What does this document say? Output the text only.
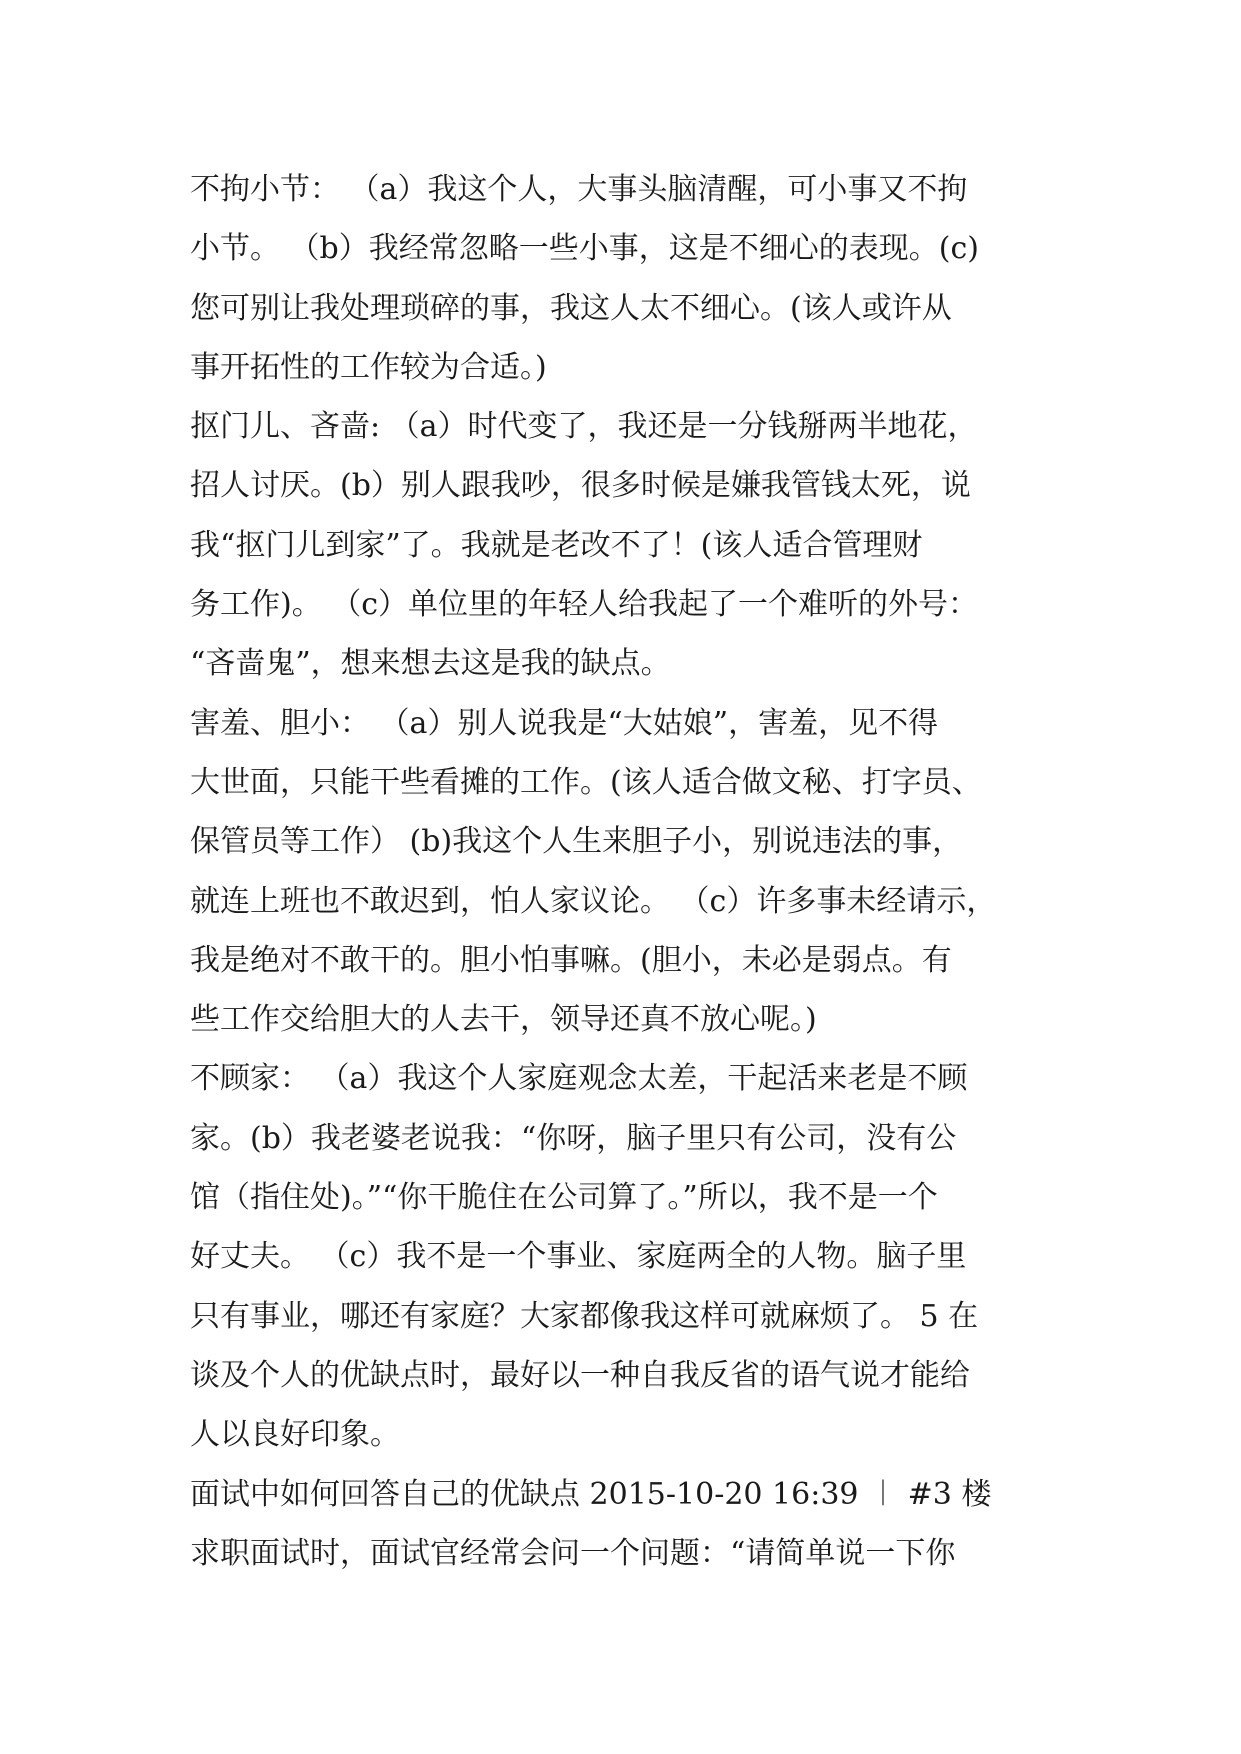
不拘小节： （a）我这个人，大事头脑清醒，可小事又不拘
小节。 （b）我经常忽略一些小事，这是不细心的表现。(c)
您可别让我处理琐碎的事，我这人太不细心。(该人或许从
事开拓性的工作较为合适。)
抠门儿、吝啬: （a）时代变了，我还是一分钱掰两半地花，
招人讨厌。(b）别人跟我吵，很多时候是嫌我管钱太死，说
我“抠门儿到家”了。我就是老改不了！(该人适合管理财
务工作)。 （c）单位里的年轻人给我起了一个难听的外号：
“吝啬鬼”，想来想去这是我的缺点。
害羞、胆小： （a）别人说我是“大姑娘”，害羞，见不得
大世面，只能干些看摊的工作。(该人适合做文秘、打字员、
保管员等工作） (b)我这个人生来胆子小，别说违法的事，
就连上班也不敢迟到，怕人家议论。 （c）许多事未经请示，
我是绝对不敢干的。胆小怕事嘛。(胆小，未必是弱点。有
些工作交给胆大的人去干，领导还真不放心呢。)
不顾家： （a）我这个人家庭观念太差，干起活来老是不顾
家。(b）我老婆老说我：“你呀，脑子里只有公司，没有公
馆（指住处)。”“你干脆住在公司算了。”所以，我不是一个
好丈夫。 （c）我不是一个事业、家庭两全的人物。脑子里
只有事业，哪还有家庭？大家都像我这样可就麻烦了。 5 在
谈及个人的优缺点时，最好以一种自我反省的语气说才能给
人以良好印象。
面试中如何回答自己的优缺点 2015-10-20 16:39 ︱ #3 楼
求职面试时，面试官经常会问一个问题：“请简单说一下你
